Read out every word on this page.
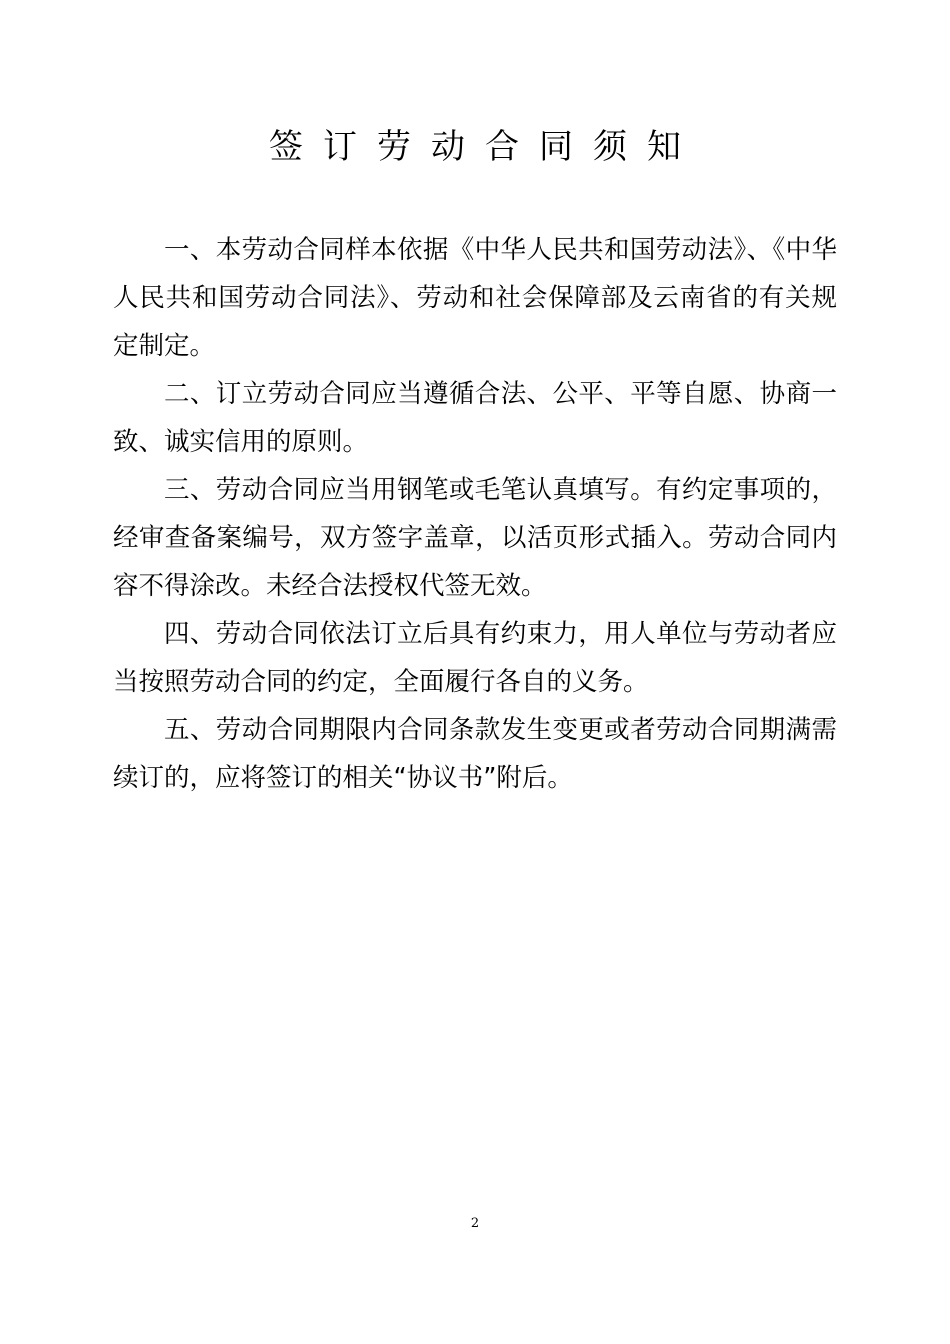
签订劳动合同须知

一、本劳动合同样本依据《中华人民共和国劳动法》、《中华人民共和国劳动合同法》、劳动和社会保障部及云南省的有关规定制定。

二、订立劳动合同应当遵循合法、公平、平等自愿、协商一致、诚实信用的原则。

三、劳动合同应当用钢笔或毛笔认真填写。有约定事项的，经审查备案编号，双方签字盖章，以活页形式插入。劳动合同内容不得涂改。未经合法授权代签无效。

四、劳动合同依法订立后具有约束力，用人单位与劳动者应当按照劳动合同的约定，全面履行各自的义务。

五、劳动合同期限内合同条款发生变更或者劳动合同期满需续订的，应将签订的相关“协议书”附后。

2
